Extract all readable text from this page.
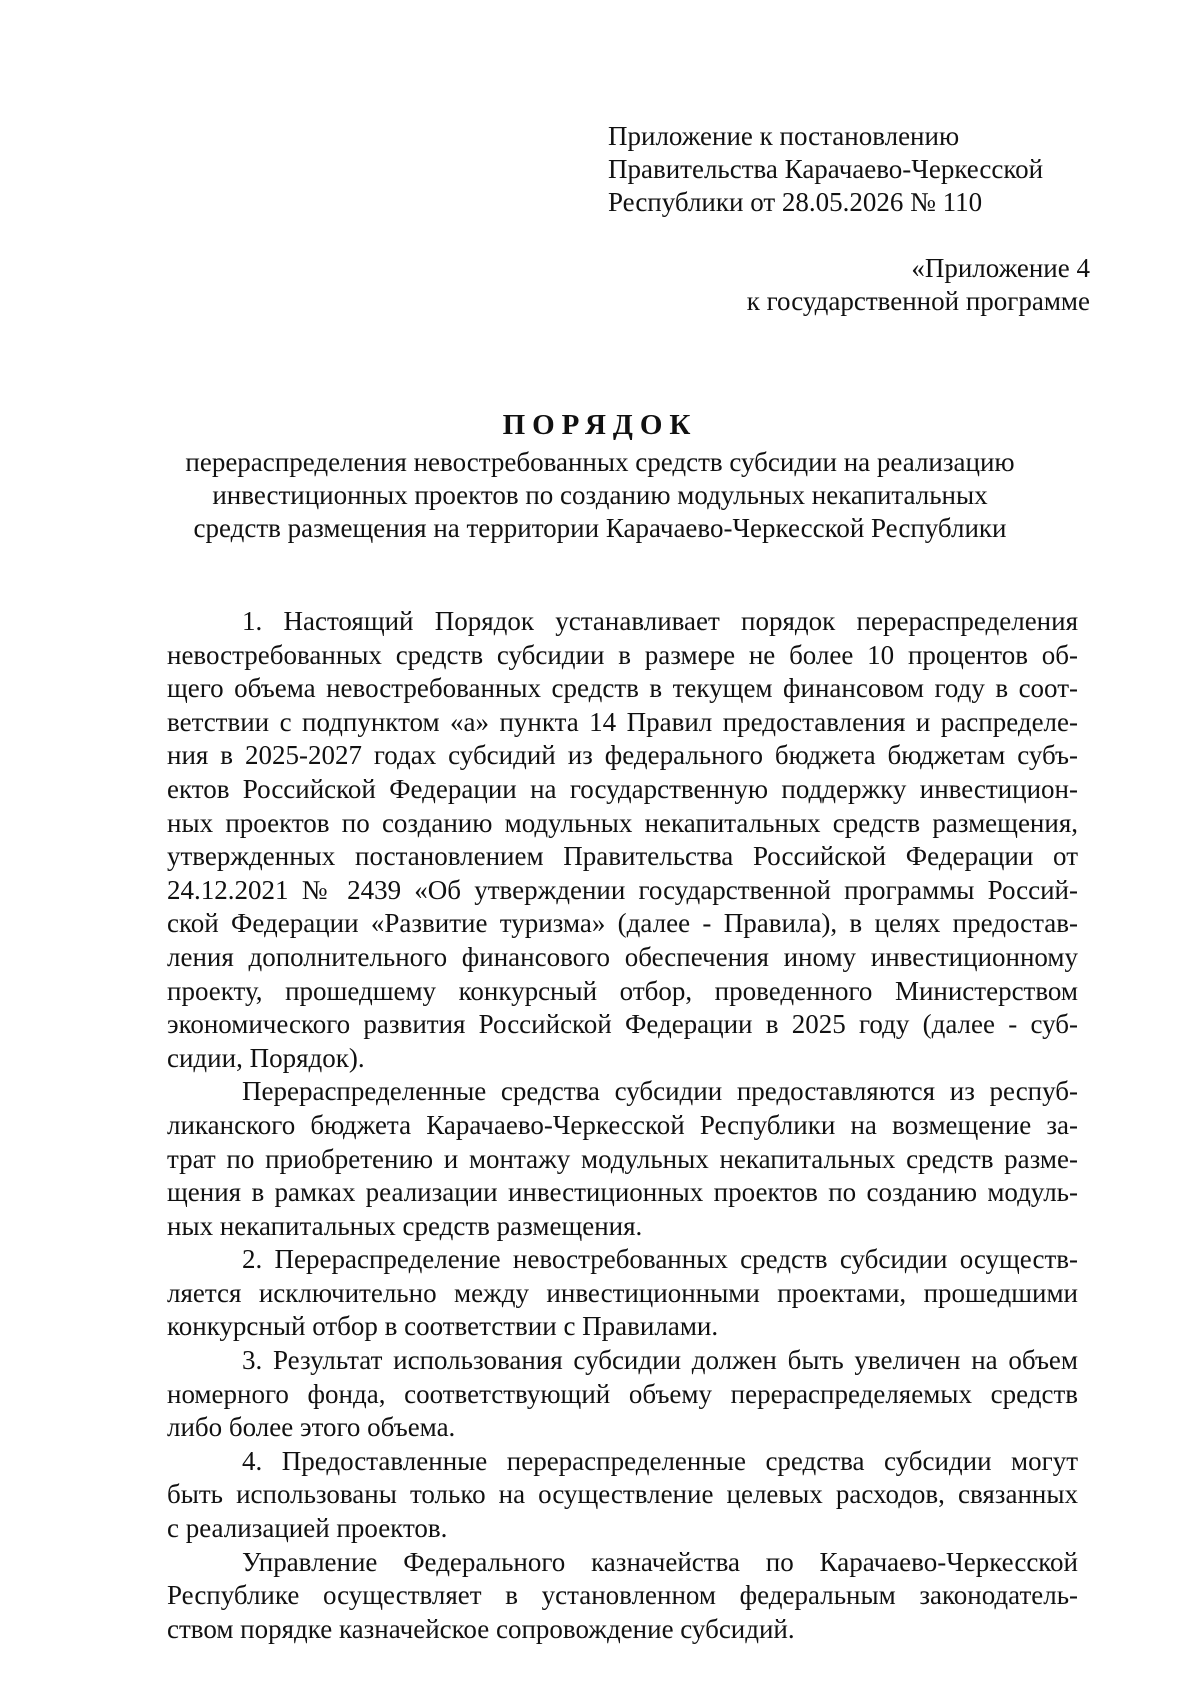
Приложение к постановлению
Правительства Карачаево-Черкесской
Республики от 28.05.2026 № 110
«Приложение 4
к государственной программе
ПОРЯДОК
перераспределения невостребованных средств субсидии на реализацию
инвестиционных проектов по созданию модульных некапитальных
средств размещения на территории Карачаево-Черкесской Республики
1. Настоящий Порядок устанавливает порядок перераспределения
невостребованных средств субсидии в размере не более 10 процентов об-
щего объема невостребованных средств в текущем финансовом году в соот-
ветствии с подпунктом «а» пункта 14 Правил предоставления и распределе-
ния в 2025-2027 годах субсидий из федерального бюджета бюджетам субъ-
ектов Российской Федерации на государственную поддержку инвестицион-
ных проектов по созданию модульных некапитальных средств размещения,
утвержденных постановлением Правительства Российской Федерации от
24.12.2021 № 2439 «Об утверждении государственной программы Россий-
ской Федерации «Развитие туризма» (далее - Правила), в целях предостав-
ления дополнительного финансового обеспечения иному инвестиционному
проекту, прошедшему конкурсный отбор, проведенного Министерством
экономического развития Российской Федерации в 2025 году (далее - суб-
сидии, Порядок).
Перераспределенные средства субсидии предоставляются из респуб-
ликанского бюджета Карачаево-Черкесской Республики на возмещение за-
трат по приобретению и монтажу модульных некапитальных средств разме-
щения в рамках реализации инвестиционных проектов по созданию модуль-
ных некапитальных средств размещения.
2. Перераспределение невостребованных средств субсидии осуществ-
ляется исключительно между инвестиционными проектами, прошедшими
конкурсный отбор в соответствии с Правилами.
3. Результат использования субсидии должен быть увеличен на объем
номерного фонда, соответствующий объему перераспределяемых средств
либо более этого объема.
4. Предоставленные перераспределенные средства субсидии могут
быть использованы только на осуществление целевых расходов, связанных
с реализацией проектов.
Управление Федерального казначейства по Карачаево-Черкесской
Республике осуществляет в установленном федеральным законодатель-
ством порядке казначейское сопровождение субсидий.
